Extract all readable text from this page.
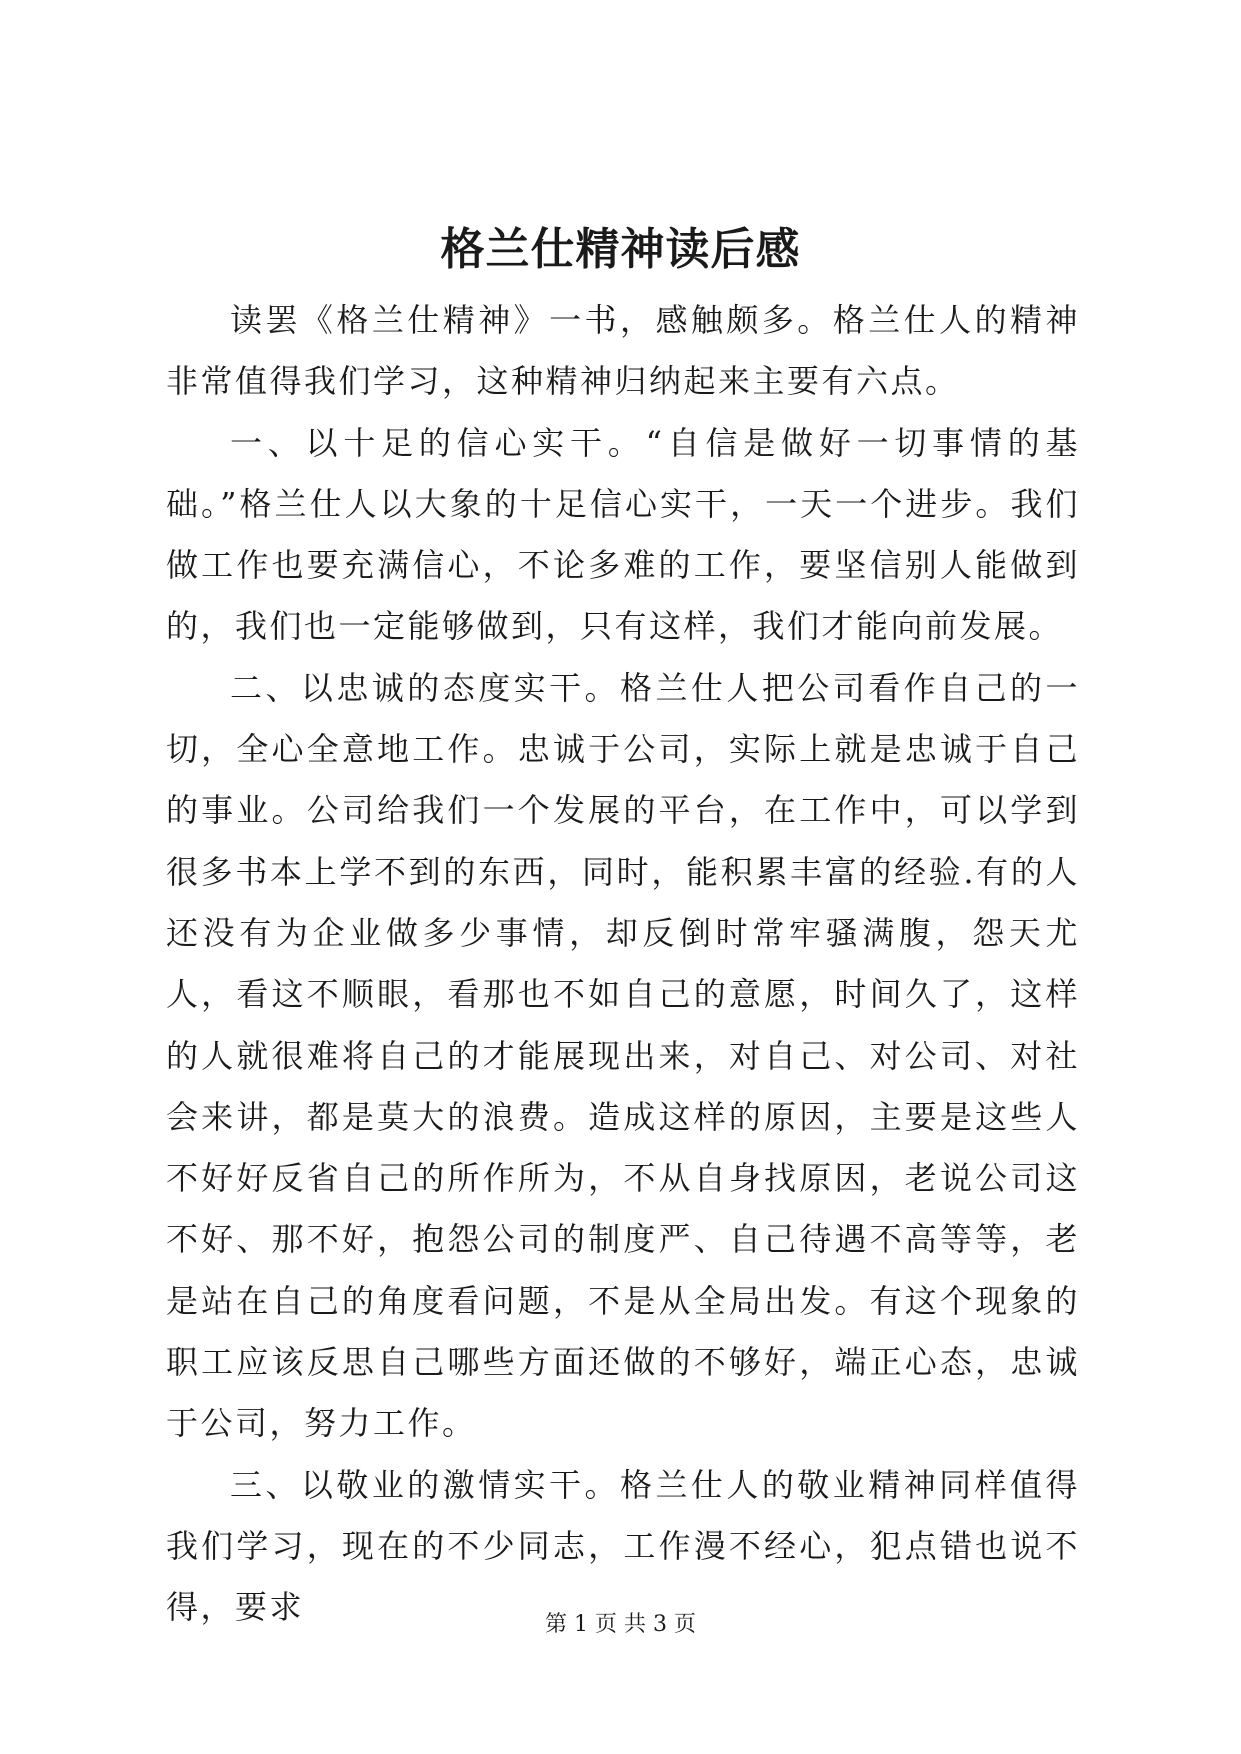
格兰仕精神读后感

读罢《格兰仕精神》一书，感触颇多。格兰仕人的精神非常值得我们学习，这种精神归纳起来主要有六点。

一、以十足的信心实干。“自信是做好一切事情的基础。”格兰仕人以大象的十足信心实干，一天一个进步。我们做工作也要充满信心，不论多难的工作，要坚信别人能做到的，我们也一定能够做到，只有这样，我们才能向前发展。

二、以忠诚的态度实干。格兰仕人把公司看作自己的一切，全心全意地工作。忠诚于公司，实际上就是忠诚于自己的事业。公司给我们一个发展的平台，在工作中，可以学到很多书本上学不到的东西，同时，能积累丰富的经验.有的人还没有为企业做多少事情，却反倒时常牢骚满腹，怨天尤人，看这不顺眼，看那也不如自己的意愿，时间久了，这样的人就很难将自己的才能展现出来，对自己、对公司、对社会来讲，都是莫大的浪费。造成这样的原因，主要是这些人不好好反省自己的所作所为，不从自身找原因，老说公司这不好、那不好，抱怨公司的制度严、自己待遇不高等等，老是站在自己的角度看问题，不是从全局出发。有这个现象的职工应该反思自己哪些方面还做的不够好，端正心态，忠诚于公司，努力工作。

三、以敬业的激情实干。格兰仕人的敬业精神同样值得我们学习，现在的不少同志，工作漫不经心，犯点错也说不得，要求	第 1 页 共 3 页
